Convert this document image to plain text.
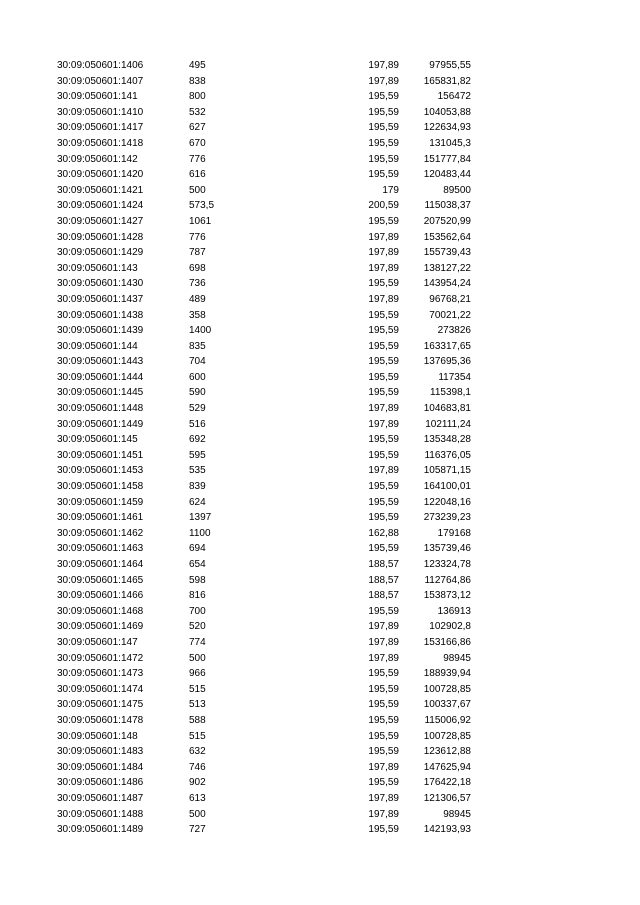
30:09:050601:1406	495	197,89	97955,55
30:09:050601:1407	838	197,89	165831,82
30:09:050601:141	800	195,59	156472
30:09:050601:1410	532	195,59	104053,88
30:09:050601:1417	627	195,59	122634,93
30:09:050601:1418	670	195,59	131045,3
30:09:050601:142	776	195,59	151777,84
30:09:050601:1420	616	195,59	120483,44
30:09:050601:1421	500	179	89500
30:09:050601:1424	573,5	200,59	115038,37
30:09:050601:1427	1061	195,59	207520,99
30:09:050601:1428	776	197,89	153562,64
30:09:050601:1429	787	197,89	155739,43
30:09:050601:143	698	197,89	138127,22
30:09:050601:1430	736	195,59	143954,24
30:09:050601:1437	489	197,89	96768,21
30:09:050601:1438	358	195,59	70021,22
30:09:050601:1439	1400	195,59	273826
30:09:050601:144	835	195,59	163317,65
30:09:050601:1443	704	195,59	137695,36
30:09:050601:1444	600	195,59	117354
30:09:050601:1445	590	195,59	115398,1
30:09:050601:1448	529	197,89	104683,81
30:09:050601:1449	516	197,89	102111,24
30:09:050601:145	692	195,59	135348,28
30:09:050601:1451	595	195,59	116376,05
30:09:050601:1453	535	197,89	105871,15
30:09:050601:1458	839	195,59	164100,01
30:09:050601:1459	624	195,59	122048,16
30:09:050601:1461	1397	195,59	273239,23
30:09:050601:1462	1100	162,88	179168
30:09:050601:1463	694	195,59	135739,46
30:09:050601:1464	654	188,57	123324,78
30:09:050601:1465	598	188,57	112764,86
30:09:050601:1466	816	188,57	153873,12
30:09:050601:1468	700	195,59	136913
30:09:050601:1469	520	197,89	102902,8
30:09:050601:147	774	197,89	153166,86
30:09:050601:1472	500	197,89	98945
30:09:050601:1473	966	195,59	188939,94
30:09:050601:1474	515	195,59	100728,85
30:09:050601:1475	513	195,59	100337,67
30:09:050601:1478	588	195,59	115006,92
30:09:050601:148	515	195,59	100728,85
30:09:050601:1483	632	195,59	123612,88
30:09:050601:1484	746	197,89	147625,94
30:09:050601:1486	902	195,59	176422,18
30:09:050601:1487	613	197,89	121306,57
30:09:050601:1488	500	197,89	98945
30:09:050601:1489	727	195,59	142193,93
